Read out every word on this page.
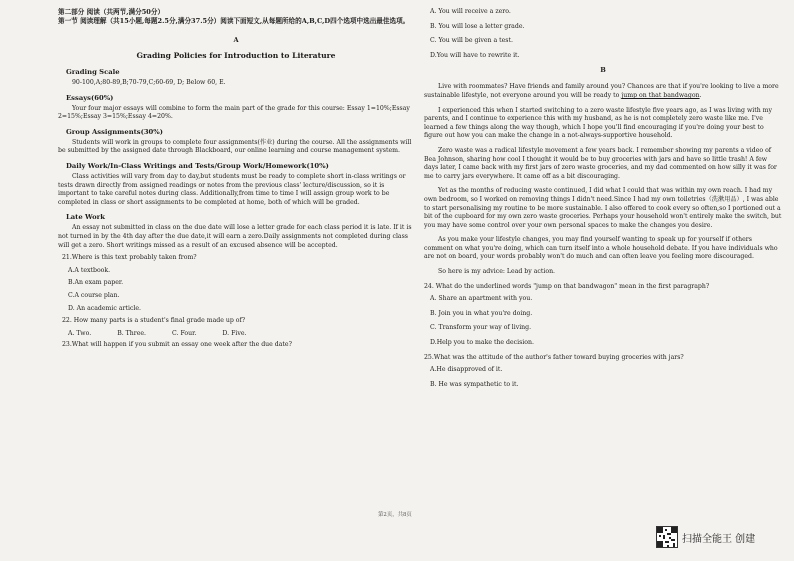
第二部分 阅读（共两节,满分50分）

第一节 阅读理解（共15小题,每题2.5分,满分37.5分）阅读下面短文,从每题所给的A,B,C,D四个选项中选出最佳选项。

A

Grading Policies for Introduction to Literature

Grading Scale

90-100,A;80-89,B;70-79,C;60-69, D; Below 60, E.

Essays(60%)

Your four major essays will combine to form the main part of the grade for this course: Essay 1=10%;Essay 2=15%;Essay 3=15%;Essay 4=20%.

Group Assignments(30%)

Students will work in groups to complete four assignments(作业) during the course. All the assignments will be submitted by the assigned date through Blackboard, our online learning and course management system.

Daily Work/In-Class Writings and Tests/Group Work/Homework(10%)

Class activities will vary from day to day,but students must be ready to complete short in-class writings or tests drawn directly from assigned readings or notes from the previous class' lecture/discussion, so it is important to take careful notes during class. Additionally,from time to time I will assign group work to be completed in class or short assignments to be completed at home, both of which will be graded.

Late Work

An essay not submitted in class on the due date will lose a letter grade for each class period it is late. If it is not turned in by the 4th day after the due date,it will earn a zero.Daily assignments not completed during class will get a zero. Short writings missed as a result of an excused absence will be accepted.

21.Where is this text probably taken from?

A.A textbook.

B.An exam paper.

C.A course plan.

D. An academic article.

22. How many parts is a student's final grade made up of?

A. Two.	B. Three.	C. Four.	D. Five.

23.What will happen if you submit an essay one week after the due date?

A. You will receive a zero.

B. You will lose a letter grade.

C. You will be given a test.

D.You will have to rewrite it.

B

Live with roommates? Have friends and family around you? Chances are that if you're looking to live a more sustainable lifestyle, not everyone around you will be ready to jump on that bandwagon.

I experienced this when I started switching to a zero waste lifestyle five years ago, as I was living with my parents, and I continue to experience this with my husband, as he is not completely zero waste like me. I've learned a few things along the way though, which I hope you'll find encouraging if you're doing your best to figure out how you can make the change in a not-always-supportive household.

Zero waste was a radical lifestyle movement a few years back. I remember showing my parents a video of Bea Johnson, sharing how cool I thought it would be to buy groceries with jars and have so little trash! A few days later, I came back with my first jars of zero waste groceries, and my dad commented on how silly it was for me to carry jars everywhere. It came off as a bit discouraging.

Yet as the months of reducing waste continued, I did what I could that was within my own reach. I had my own bedroom, so I worked on removing things I didn't need.Since I had my own toiletries（洗漱用品）, I was able to start personalising my routine to be more sustainable. I also offered to cook every so often,so I portioned out a bit of the cupboard for my own zero waste groceries. Perhaps your household won't entirely make the switch, but you may have some control over your own personal spaces to make the changes you desire.

As you make your lifestyle changes, you may find yourself wanting to speak up for yourself if others comment on what you're doing, which can turn itself into a whole household debate. If you have individuals who are not on board, your words probably won't do much and can often leave you feeling more discouraged.

So here is my advice: Lead by action.

24. What do the underlined words "jump on that bandwagon" mean in the first paragraph?

A. Share an apartment with you.

B. Join you in what you're doing.

C. Transform your way of living.

D.Help you to make the decision.

25.What was the attitude of the author's father toward buying groceries with jars?

A.He disapproved of it.

B. He was sympathetic to it.

第2页，共8页
扫描全能王 创建
